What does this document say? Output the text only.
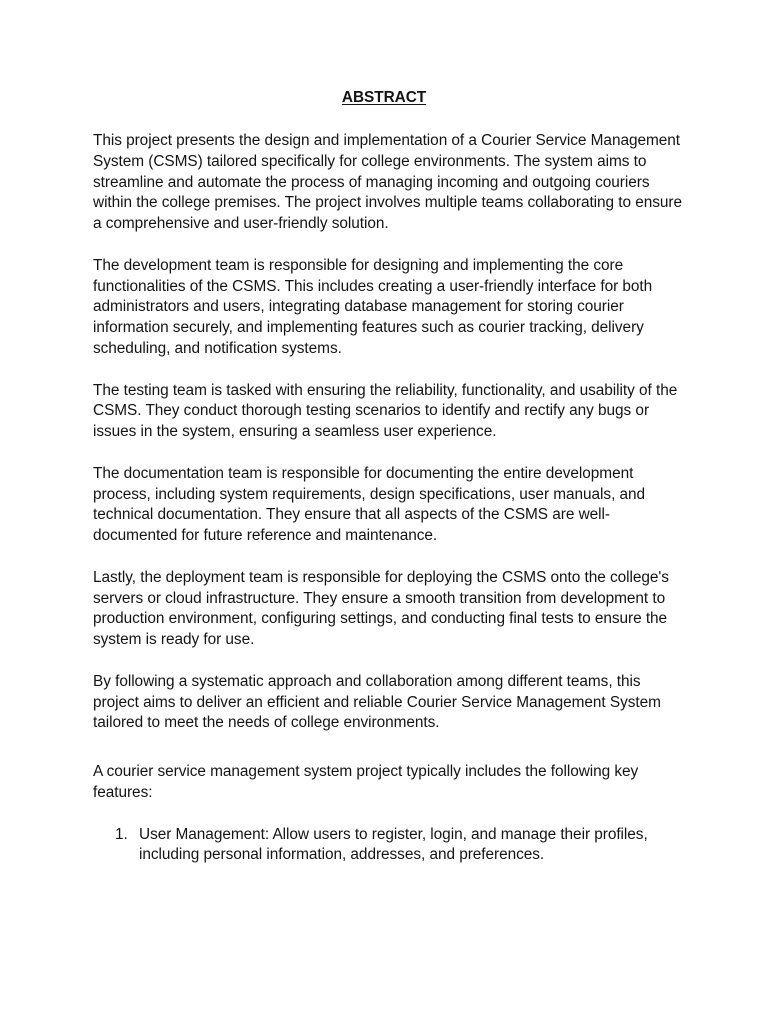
ABSTRACT

This project presents the design and implementation of a Courier Service Management System (CSMS) tailored specifically for college environments. The system aims to streamline and automate the process of managing incoming and outgoing couriers within the college premises. The project involves multiple teams collaborating to ensure a comprehensive and user-friendly solution.

The development team is responsible for designing and implementing the core functionalities of the CSMS. This includes creating a user-friendly interface for both administrators and users, integrating database management for storing courier information securely, and implementing features such as courier tracking, delivery scheduling, and notification systems.

The testing team is tasked with ensuring the reliability, functionality, and usability of the CSMS. They conduct thorough testing scenarios to identify and rectify any bugs or issues in the system, ensuring a seamless user experience.

The documentation team is responsible for documenting the entire development process, including system requirements, design specifications, user manuals, and technical documentation. They ensure that all aspects of the CSMS are well-documented for future reference and maintenance.

Lastly, the deployment team is responsible for deploying the CSMS onto the college's servers or cloud infrastructure. They ensure a smooth transition from development to production environment, configuring settings, and conducting final tests to ensure the system is ready for use.

By following a systematic approach and collaboration among different teams, this project aims to deliver an efficient and reliable Courier Service Management System tailored to meet the needs of college environments.

A courier service management system project typically includes the following key features:

1. User Management: Allow users to register, login, and manage their profiles, including personal information, addresses, and preferences.
